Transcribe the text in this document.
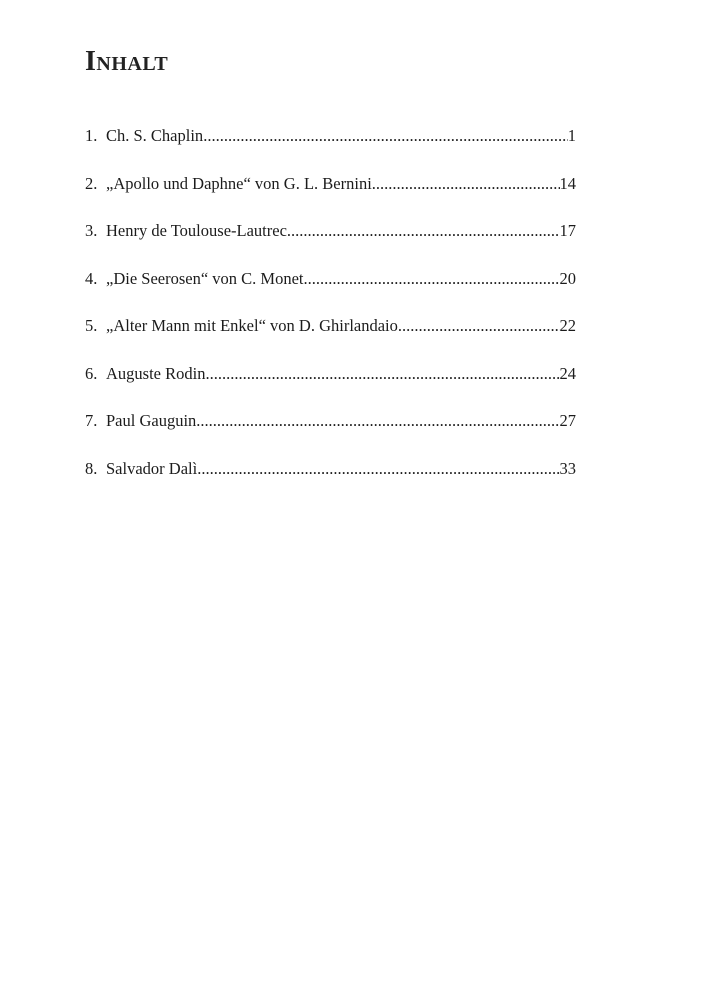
Inhalt
1. Ch. S. Chaplin .....	1
2. „Apollo und Daphne“ von G. L. Bernini .....	14
3. Henry de Toulouse-Lautrec .....	17
4. „Die Seerosen“ von C. Monet .....	20
5. „Alter Mann mit Enkel“ von D. Ghirlandaio .....	22
6. Auguste Rodin .....	24
7. Paul Gauguin .....	27
8. Salvador Dalì .....	33
